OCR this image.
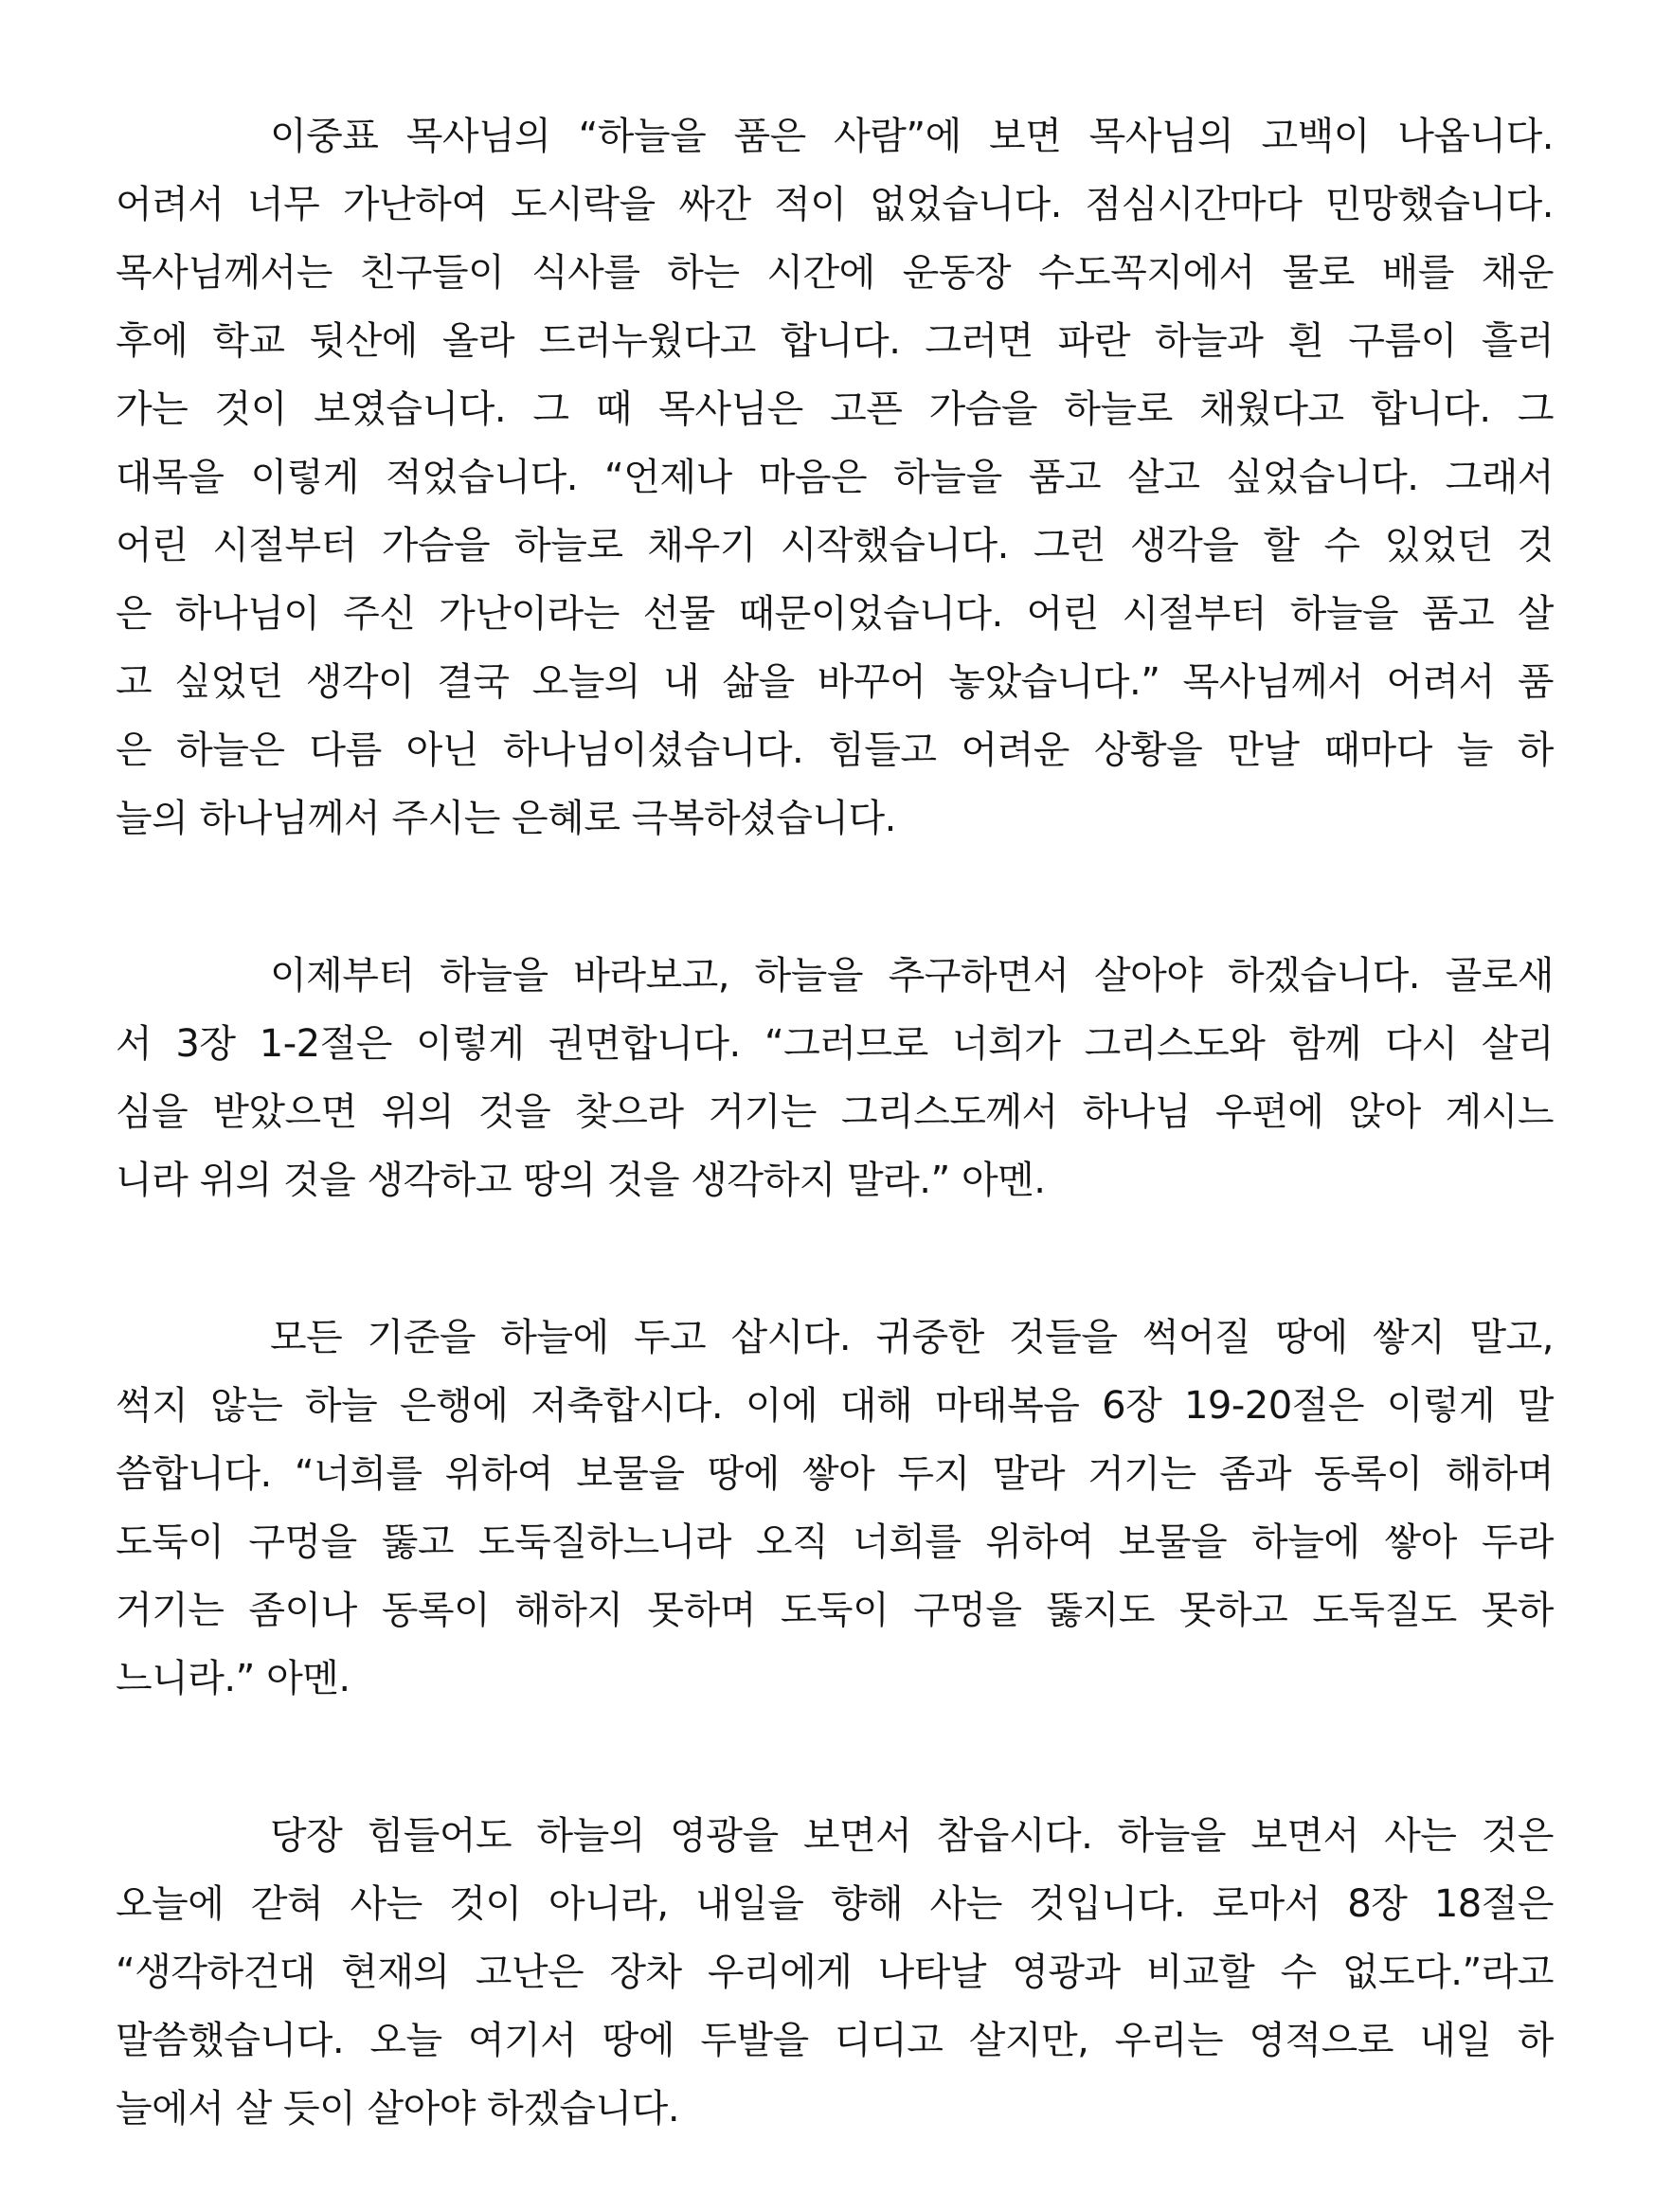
이중표 목사님의 “하늘을 품은 사람”에 보면 목사님의 고백이 나옵니다.
어려서 너무 가난하여 도시락을 싸간 적이 없었습니다. 점심시간마다 민망했습니다.
목사님께서는 친구들이 식사를 하는 시간에 운동장 수도꼭지에서 물로 배를 채운
후에 학교 뒷산에 올라 드러누웠다고 합니다. 그러면 파란 하늘과 흰 구름이 흘러
가는 것이 보였습니다. 그 때 목사님은 고픈 가슴을 하늘로 채웠다고 합니다. 그
대목을 이렇게 적었습니다. “언제나 마음은 하늘을 품고 살고 싶었습니다. 그래서
어린 시절부터 가슴을 하늘로 채우기 시작했습니다. 그런 생각을 할 수 있었던 것
은 하나님이 주신 가난이라는 선물 때문이었습니다. 어린 시절부터 하늘을 품고 살
고 싶었던 생각이 결국 오늘의 내 삶을 바꾸어 놓았습니다.” 목사님께서 어려서 품
은 하늘은 다름 아닌 하나님이셨습니다. 힘들고 어려운 상황을 만날 때마다 늘 하
늘의 하나님께서 주시는 은혜로 극복하셨습니다.
이제부터 하늘을 바라보고, 하늘을 추구하면서 살아야 하겠습니다. 골로새
서 3장 1-2절은 이렇게 권면합니다. “그러므로 너희가 그리스도와 함께 다시 살리
심을 받았으면 위의 것을 찾으라 거기는 그리스도께서 하나님 우편에 앉아 계시느
니라 위의 것을 생각하고 땅의 것을 생각하지 말라.” 아멘.
모든 기준을 하늘에 두고 삽시다. 귀중한 것들을 썩어질 땅에 쌓지 말고,
썩지 않는 하늘 은행에 저축합시다. 이에 대해 마태복음 6장 19-20절은 이렇게 말
씀합니다. “너희를 위하여 보물을 땅에 쌓아 두지 말라 거기는 좀과 동록이 해하며
도둑이 구멍을 뚫고 도둑질하느니라 오직 너희를 위하여 보물을 하늘에 쌓아 두라
거기는 좀이나 동록이 해하지 못하며 도둑이 구멍을 뚫지도 못하고 도둑질도 못하
느니라.” 아멘.
당장 힘들어도 하늘의 영광을 보면서 참읍시다. 하늘을 보면서 사는 것은
오늘에 갇혀 사는 것이 아니라, 내일을 향해 사는 것입니다. 로마서 8장 18절은
“생각하건대 현재의 고난은 장차 우리에게 나타날 영광과 비교할 수 없도다.”라고
말씀했습니다. 오늘 여기서 땅에 두발을 디디고 살지만, 우리는 영적으로 내일 하
늘에서 살 듯이 살아야 하겠습니다.
